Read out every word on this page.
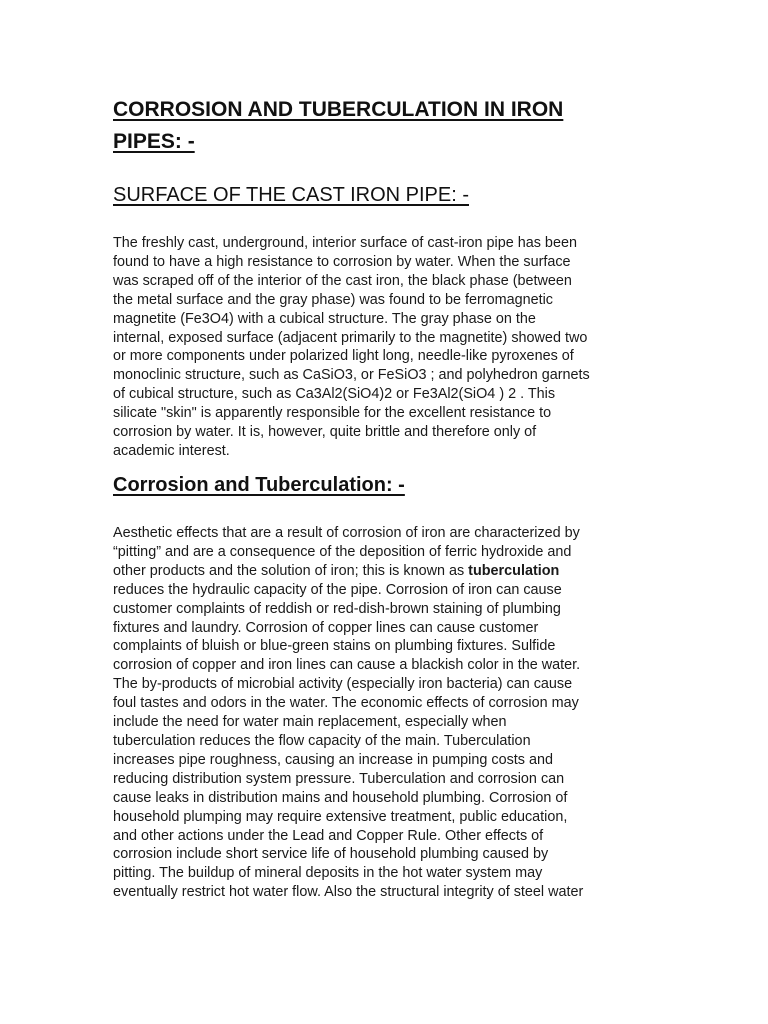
CORROSION AND TUBERCULATION IN IRON PIPES: -
SURFACE OF THE CAST IRON PIPE: -

The freshly cast, underground, interior surface of cast-iron pipe has been
found to have a high resistance to corrosion by water. When the surface
was scraped off of the interior of the cast iron, the black phase (between
the metal surface and the gray phase) was found to be ferromagnetic
magnetite (Fe3O4) with a cubical structure. The gray phase on the
internal, exposed surface (adjacent primarily to the magnetite) showed two
or more components under polarized light long, needle-like pyroxenes of
monoclinic structure, such as CaSiO3, or FeSiO3 ; and polyhedron garnets
of cubical structure, such as Ca3Al2(SiO4)2 or Fe3Al2(SiO4 ) 2 . This
silicate "skin" is apparently responsible for the excellent resistance to
corrosion by water. It is, however, quite brittle and therefore only of
academic interest.

Corrosion and Tuberculation: -

Aesthetic effects that are a result of corrosion of iron are characterized by
“pitting” and are a consequence of the deposition of ferric hydroxide and
other products and the solution of iron; this is known as tuberculation
reduces the hydraulic capacity of the pipe. Corrosion of iron can cause
customer complaints of reddish or red-dish-brown staining of plumbing
fixtures and laundry. Corrosion of copper lines can cause customer
complaints of bluish or blue-green stains on plumbing fixtures. Sulfide
corrosion of copper and iron lines can cause a blackish color in the water.
The by-products of microbial activity (especially iron bacteria) can cause
foul tastes and odors in the water. The economic effects of corrosion may
include the need for water main replacement, especially when
tuberculation reduces the flow capacity of the main. Tuberculation
increases pipe roughness, causing an increase in pumping costs and
reducing distribution system pressure. Tuberculation and corrosion can
cause leaks in distribution mains and household plumbing. Corrosion of
household plumping may require extensive treatment, public education,
and other actions under the Lead and Copper Rule. Other effects of
corrosion include short service life of household plumbing caused by
pitting. The buildup of mineral deposits in the hot water system may
eventually restrict hot water flow. Also the structural integrity of steel water
